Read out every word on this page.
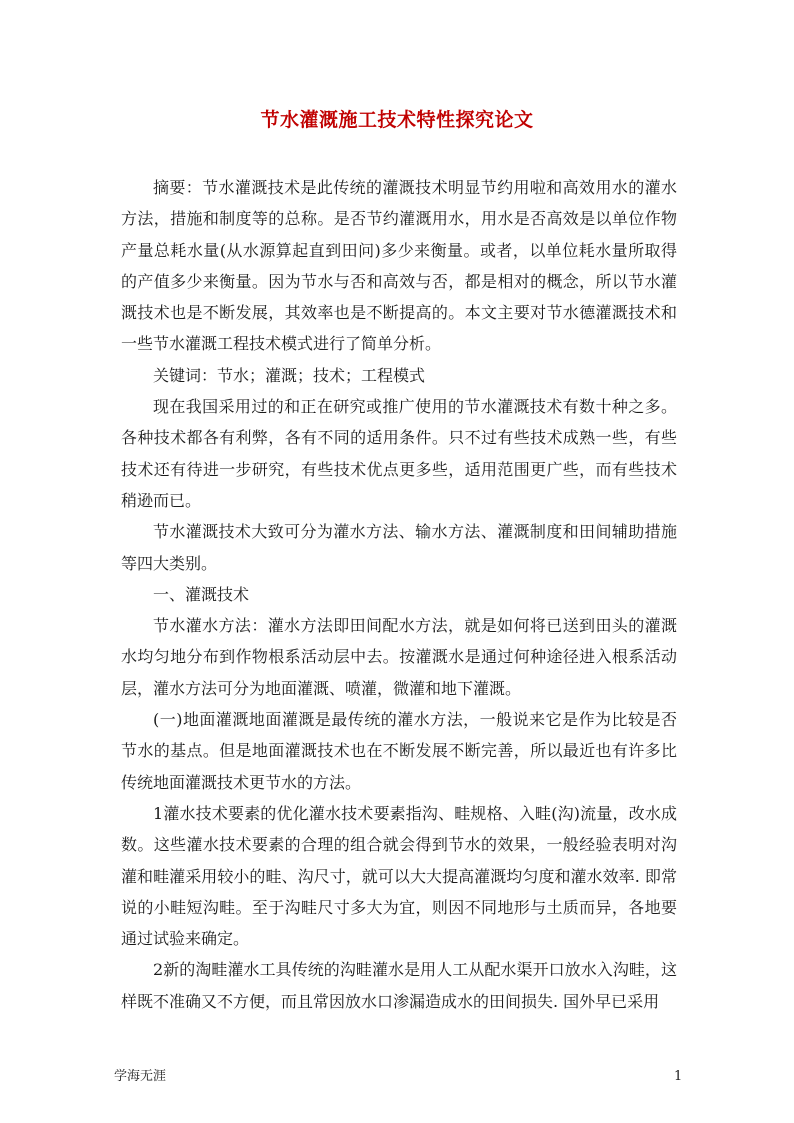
节水灌溉施工技术特性探究论文

摘要：节水灌溉技术是此传统的灌溉技术明显节约用啦和高效用水的灌水方法，措施和制度等的总称。是否节约灌溉用水，用水是否高效是以单位作物产量总耗水量(从水源算起直到田问)多少来衡量。或者，以单位耗水量所取得的产值多少来衡量。因为节水与否和高效与否，都是相对的概念，所以节水灌溉技术也是不断发展，其效率也是不断提高的。本文主要对节水德灌溉技术和一些节水灌溉工程技术模式进行了简单分析。

关键词：节水；灌溉；技术；工程模式

现在我国采用过的和正在研究或推广使用的节水灌溉技术有数十种之多。各种技术都各有利弊，各有不同的适用条件。只不过有些技术成熟一些，有些技术还有待进一步研究，有些技术优点更多些，适用范围更广些，而有些技术稍逊而已。

节水灌溉技术大致可分为灌水方法、输水方法、灌溉制度和田间辅助措施等四大类别。

一、灌溉技术

节水灌水方法：灌水方法即田间配水方法，就是如何将已送到田头的灌溉水均匀地分布到作物根系活动层中去。按灌溉水是通过何种途径进入根系活动层，灌水方法可分为地面灌溉、喷灌，微灌和地下灌溉。

(一)地面灌溉地面灌溉是最传统的灌水方法，一般说来它是作为比较是否节水的基点。但是地面灌溉技术也在不断发展不断完善，所以最近也有许多比传统地面灌溉技术更节水的方法。

1灌水技术要素的优化灌水技术要素指沟、畦规格、入畦(沟)流量，改水成数。这些灌水技术要素的合理的组合就会得到节水的效果，一般经验表明对沟灌和畦灌采用较小的畦、沟尺寸，就可以大大提高灌溉均匀度和灌水效率. 即常说的小畦短沟畦。至于沟畦尺寸多大为宜，则因不同地形与土质而异，各地要通过试验来确定。

2新的淘畦灌水工具传统的沟畦灌水是用人工从配水渠开口放水入沟畦，这样既不准确又不方便，而且常因放水口渗漏造成水的田间损失. 国外早已采用

学海无涯	1
